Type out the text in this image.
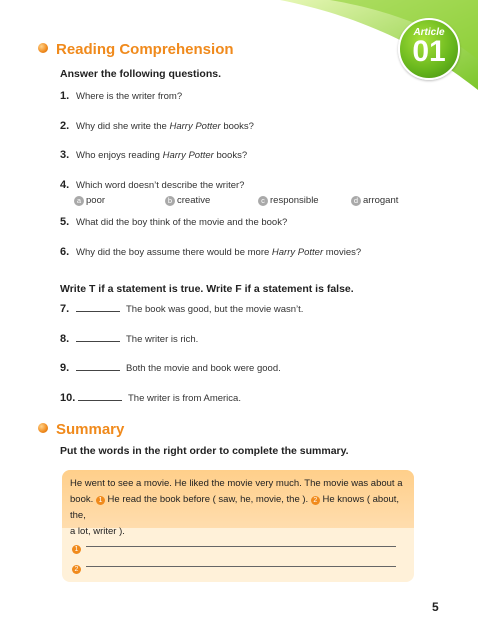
Article
01
Reading Comprehension
Answer the following questions.
1. Where is the writer from?
2. Why did she write the Harry Potter books?
3. Who enjoys reading Harry Potter books?
4. Which word doesn’t describe the writer?
a poor	b creative	c responsible	d arrogant
5. What did the boy think of the movie and the book?
6. Why did the boy assume there would be more Harry Potter movies?
Write T if a statement is true. Write F if a statement is false.
7.	The book was good, but the movie wasn’t.
8.	The writer is rich.
9.	Both the movie and book were good.
10.	The writer is from America.
Summary
Put the words in the right order to complete the summary.
He went to see a movie. He liked the movie very much. The movie was about a
book. 1 He read the book before ( saw, he, movie, the ). 2 He knows ( about, the,
a lot, writer ).
1
2
5
